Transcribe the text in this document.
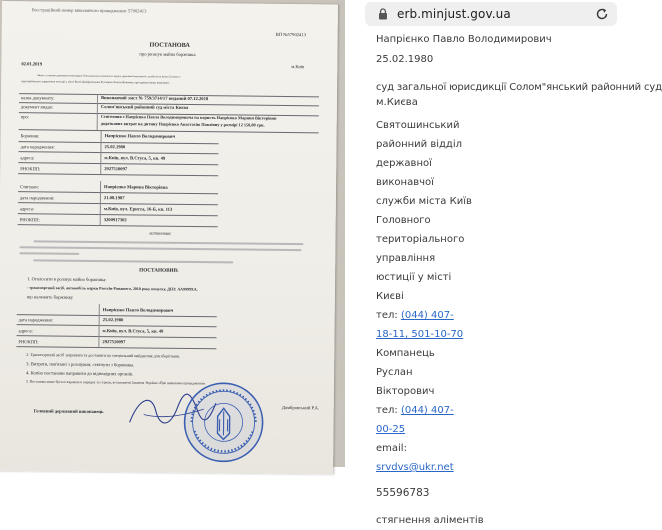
Реєстраційний номер виконавчого провадження: 57902413
ПОСТАНОВА
про розшук майна боржника
02.01.2019
ВП №57902413
м.Київ
Мною, головним державним виконавцем Святошинського районного відділу державної виконавчої служби міста Києва Головного
територіального управління юстиції у місті Києві Домбровським Русланом Анатолійовичем, при примусовому виконанні:
назва документу:	Виконавчий лист № 759/3714/17 виданий 07.12.2018
документ видав:	Солом'янський районний суд міста Києва
про:	Стягнення з Напрієнка Павла Володимировича на користь Напрієнко Марини Вікторівни
додаткових витрат на дитину Напрієнко Анастасію Павлівну у розмірі 12 150,00 грн.
Боржник:	Напрієнко Павло Володимирович
дата народження:	25.02.1980
адреса:	м.Київ, вул. В.Стуса, 5, кв. 49
РНОКПП:	2927510097
Стягувач:	Напрієнко Марина Вікторівна
дата народження:	21.08.1987
адреса:	м.Київ, вул. Ернста, 16-Б, кв. 113
РНОКПП:	3200917302
встановив:
ПОСТАНОВИВ:
1. Оголосити в розшук майно боржника:
- транспортний засіб, автомобіль марки Porsche Panamera, 2010 року випуску, ДНЗ: АА9999ХА,
що належить боржнику
Напрієнко Павло Володимирович
дата народження:	25.02.1980
адреса:	м.Київ, вул. В.Стуса, 5, кв. 49
РНОКПП:	2927510097
2. Транспортний засіб затримати та доставити на спеціальний майданчик для зберігання.
3. Витрати, пов'язані з розшуком, стягнути з боржника.
4. Копію постанови направити до відповідних органів.
5. Постанова може бути оскаржена в порядку та строки, встановлені Законом України «Про виконавче провадження».
Головний державний виконавець
Домбровський Р.А.
erb.minjust.gov.ua
Напрієнко Павло Володимирович
25.02.1980
суд загальної юрисдикції Солом"янський районний суд
м.Києва
Святошинський
районний відділ
державної
виконавчої
служби міста Київ
Головного
територіального
управління
юстиції у місті
Києві
тел: (044) 407-
18-11, 501-10-70
Компанець
Руслан
Вікторович
тел: (044) 407-
00-25
email:
srvdvs@ukr.net
55596783
стягнення аліментів
